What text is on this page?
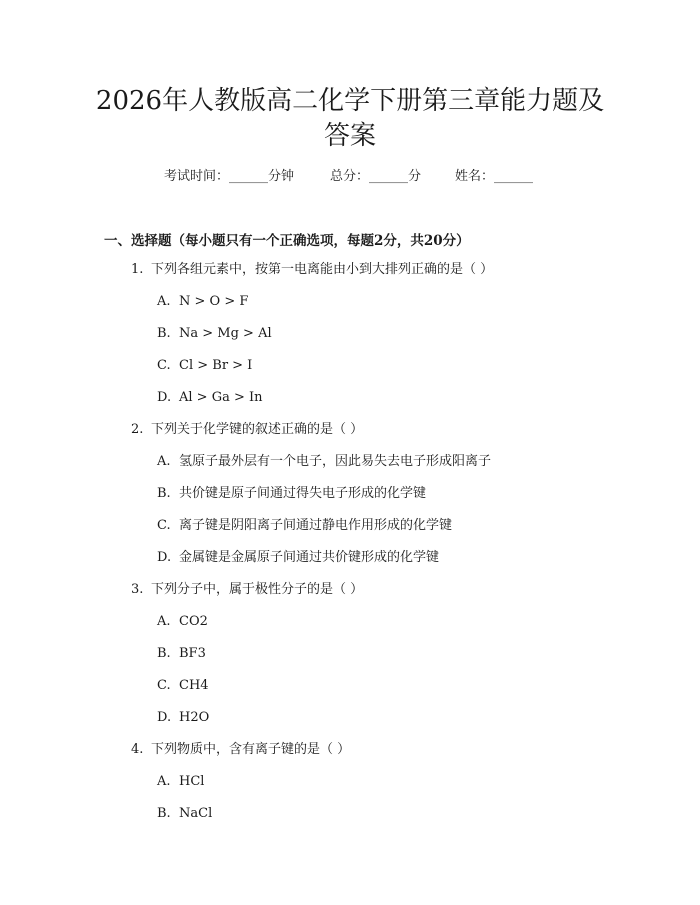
2026年人教版高二化学下册第三章能力题及
答案
考试时间：______分钟	总分：______分	姓名：______
一、选择题（每小题只有一个正确选项，每题2分，共20分）
1. 下列各组元素中，按第一电离能由小到大排列正确的是（ ）
A. N > O > F
B. Na > Mg > Al
C. Cl > Br > I
D. Al > Ga > In
2. 下列关于化学键的叙述正确的是（ ）
A. 氢原子最外层有一个电子，因此易失去电子形成阳离子
B. 共价键是原子间通过得失电子形成的化学键
C. 离子键是阴阳离子间通过静电作用形成的化学键
D. 金属键是金属原子间通过共价键形成的化学键
3. 下列分子中，属于极性分子的是（ ）
A. CO2
B. BF3
C. CH4
D. H2O
4. 下列物质中，含有离子键的是（ ）
A. HCl
B. NaCl
